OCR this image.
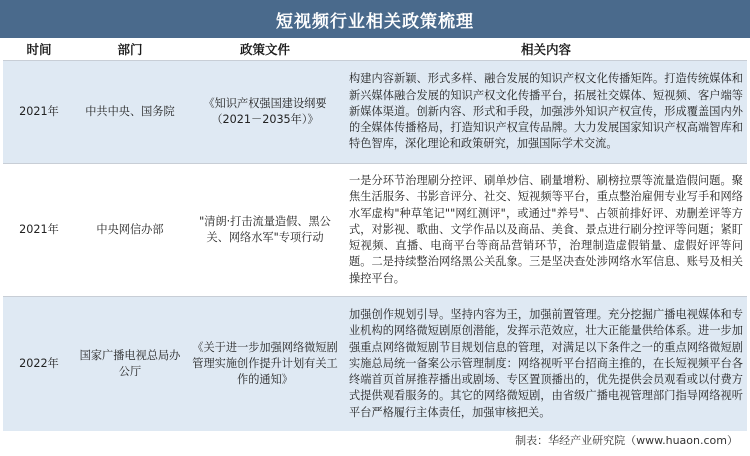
短视频行业相关政策梳理
时间	部门	政策文件	相关内容
2021年	中共中央、国务院	《知识产权强国建设纲要（2021－2035年）》	构建内容新颖、形式多样、融合发展的知识产权文化传播矩阵。打造传统媒体和新兴媒体融合发展的知识产权文化传播平台，拓展社交媒体、短视频、客户端等新媒体渠道。创新内容、形式和手段，加强涉外知识产权宣传，形成覆盖国内外的全媒体传播格局，打造知识产权宣传品牌。大力发展国家知识产权高端智库和特色智库，深化理论和政策研究，加强国际学术交流。
2021年	中央网信办部	"清朗·打击流量造假、黑公关、网络水军"专项行动	一是分环节治理刷分控评、刷单炒信、刷量增粉、刷榜拉票等流量造假问题。聚焦生活服务、书影音评分、社交、短视频等平台，重点整治雇佣专业写手和网络水军虚构"种草笔记""网红测评"，或通过"养号"、占领前排好评、劝删差评等方式，对影视、歌曲、文学作品以及商品、美食、景点进行刷分控评等问题；紧盯短视频、直播、电商平台等商品营销环节，治理制造虚假销量、虚假好评等问题。二是持续整治网络黑公关乱象。三是坚决查处涉网络水军信息、账号及相关操控平台。
2022年	国家广播电视总局办公厅	《关于进一步加强网络微短剧管理实施创作提升计划有关工作的通知》	加强创作规划引导。坚持内容为王，加强前置管理。充分挖掘广播电视媒体和专业机构的网络微短剧原创潜能，发挥示范效应，壮大正能量供给体系。进一步加强重点网络微短剧节目规划信息的管理，对满足以下条件之一的重点网络微短剧实施总局统一备案公示管理制度：网络视听平台招商主推的，在长短视频平台各终端首页首屏推荐播出或剧场、专区置顶播出的，优先提供会员观看或以付费方式提供观看服务的。其它的网络微短剧，由省级广播电视管理部门指导网络视听平台严格履行主体责任，加强审核把关。
制表：华经产业研究院（www.huaon.com）
